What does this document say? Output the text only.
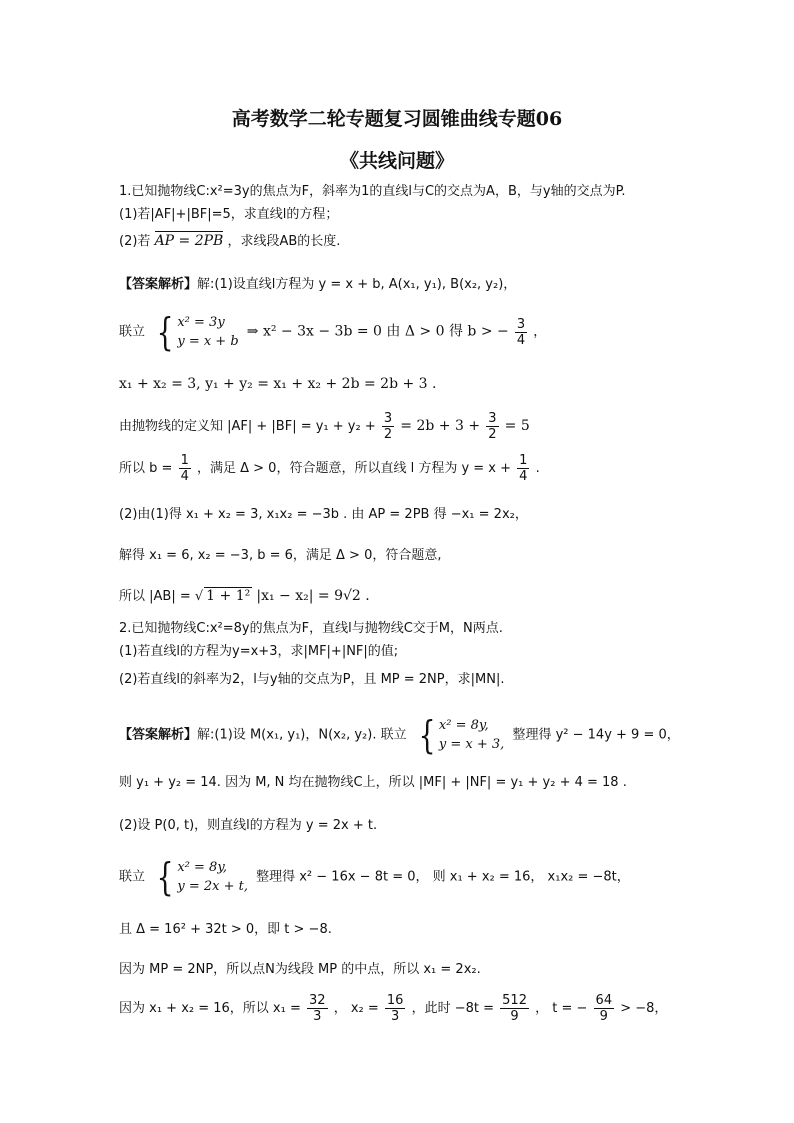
高考数学二轮专题复习圆锥曲线专题06
《共线问题》
1.已知抛物线C:x²=3y的焦点为F，斜率为1的直线l与C的交点为A，B，与y轴的交点为P.
(1)若|AF|+|BF|=5，求直线l的方程；
(2)若 AP = 2PB ，求线段AB的长度.
【答案解析】解:(1)设直线l方程为 y = x + b, A(x₁, y₁), B(x₂, y₂)，
联立 { x² = 3y
y = x + b
⇒ x² − 3x − 3b = 0 由 Δ > 0 得 b > − $\frac{3}{4}$ ，
x₁ + x₂ = 3, y₁ + y₂ = x₁ + x₂ + 2b = 2b + 3 .
由抛物线的定义知 $|AF| + |BF| = y_1 + y_2 + \frac{3}{2} = 2b + 3 + \frac{3}{2} = 5$
所以 $b = \frac{1}{4}$ ，满足 Δ > 0，符合题意，所以直线 l 方程为 $y = x + \frac{1}{4}$ .
(2)由(1)得 x₁ + x₂ = 3, x₁x₂ = −3b . 由 AP = 2PB 得 −x₁ = 2x₂，
解得 x₁ = 6, x₂ = −3, b = 6，满足 Δ > 0，符合题意,
所以 |AB| = √ 1 + 1² |x₁ − x₂| = 9√2 .
2.已知抛物线C:x²=8y的焦点为F，直线l与抛物线C交于M，N两点.
(1)若直线l的方程为y=x+3，求|MF|+|NF|的值;
(2)若直线l的斜率为2，l与y轴的交点为P，且 MP = 2NP，求|MN|.
【答案解析】解:(1)设 M(x₁, y₁)，N(x₂, y₂). 联立 { x² = 8y,
y = x + 3,
整理得 y² − 14y + 9 = 0，
则 y₁ + y₂ = 14. 因为 M, N 均在抛物线C上，所以 |MF| + |NF| = y₁ + y₂ + 4 = 18 .
(2)设 P(0, t)，则直线l的方程为 y = 2x + t.
联立 { x² = 8y,
y = 2x + t,
整理得 x² − 16x − 8t = 0， 则 x₁ + x₂ = 16， x₁x₂ = −8t，
且 Δ = 16² + 32t > 0，即 t > −8.
因为 MP = 2NP，所以点N为线段 MP 的中点，所以 x₁ = 2x₂.
因为 x₁ + x₂ = 16，所以 $x_1 = \frac{32}{3}$ ， $x_2 = \frac{16}{3}$ ，此时 $-8t = \frac{512}{9}$ ， t = − $\frac{64}{9} > -8$，
